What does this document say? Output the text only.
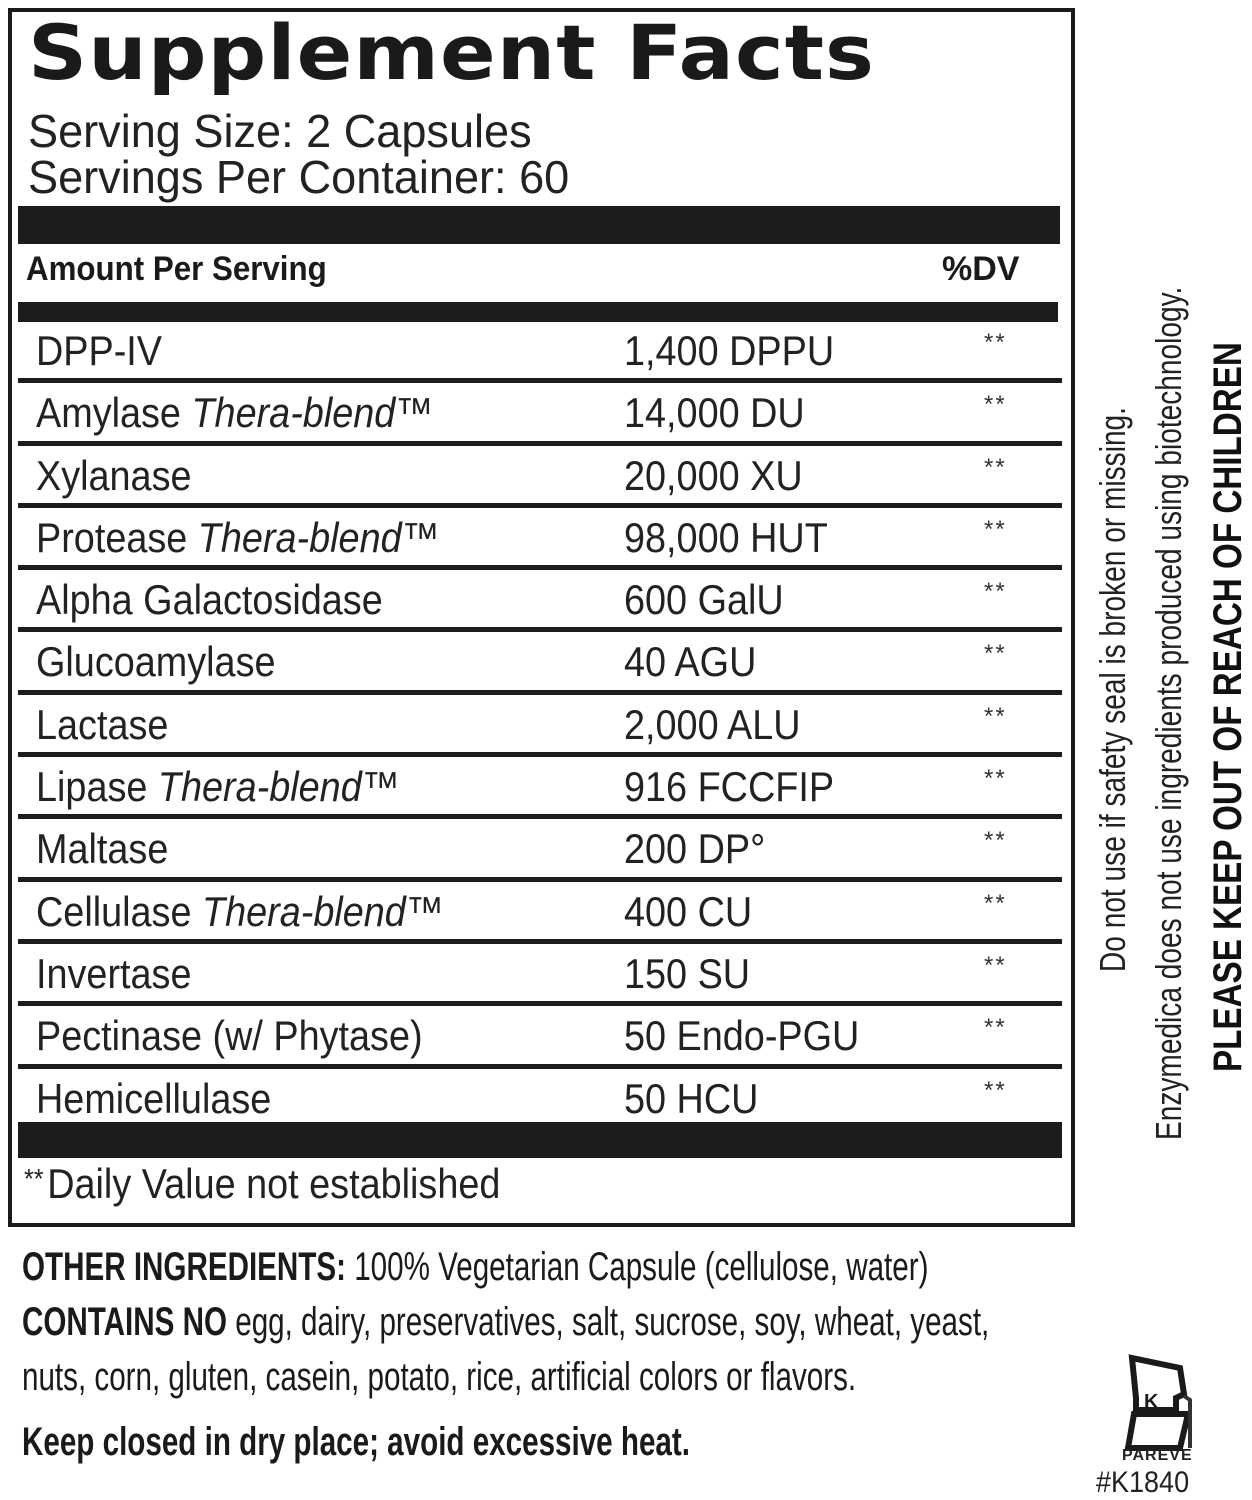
Supplement Facts
Serving Size: 2 Capsules
Servings Per Container: 60
Amount Per Serving	%DV
DPP-IV	1,400 DPPU	**
Amylase Thera-blend™	14,000 DU	**
Xylanase	20,000 XU	**
Protease Thera-blend™	98,000 HUT	**
Alpha Galactosidase	600 GalU	**
Glucoamylase	40 AGU	**
Lactase	2,000 ALU	**
Lipase Thera-blend™	916 FCCFIP	**
Maltase	200 DP°	**
Cellulase Thera-blend™	400 CU	**
Invertase	150 SU	**
Pectinase (w/ Phytase)	50 Endo-PGU	**
Hemicellulase	50 HCU	**
**Daily Value not established
Do not use if safety seal is broken or missing. Enzymedica does not use ingredients produced using biotechnology. PLEASE KEEP OUT OF REACH OF CHILDREN
OTHER INGREDIENTS: 100% Vegetarian Capsule (cellulose, water)
CONTAINS NO egg, dairy, preservatives, salt, sucrose, soy, wheat, yeast,
nuts, corn, gluten, casein, potato, rice, artificial colors or flavors.
Keep closed in dry place; avoid excessive heat.
K
PAREVE
#K1840
